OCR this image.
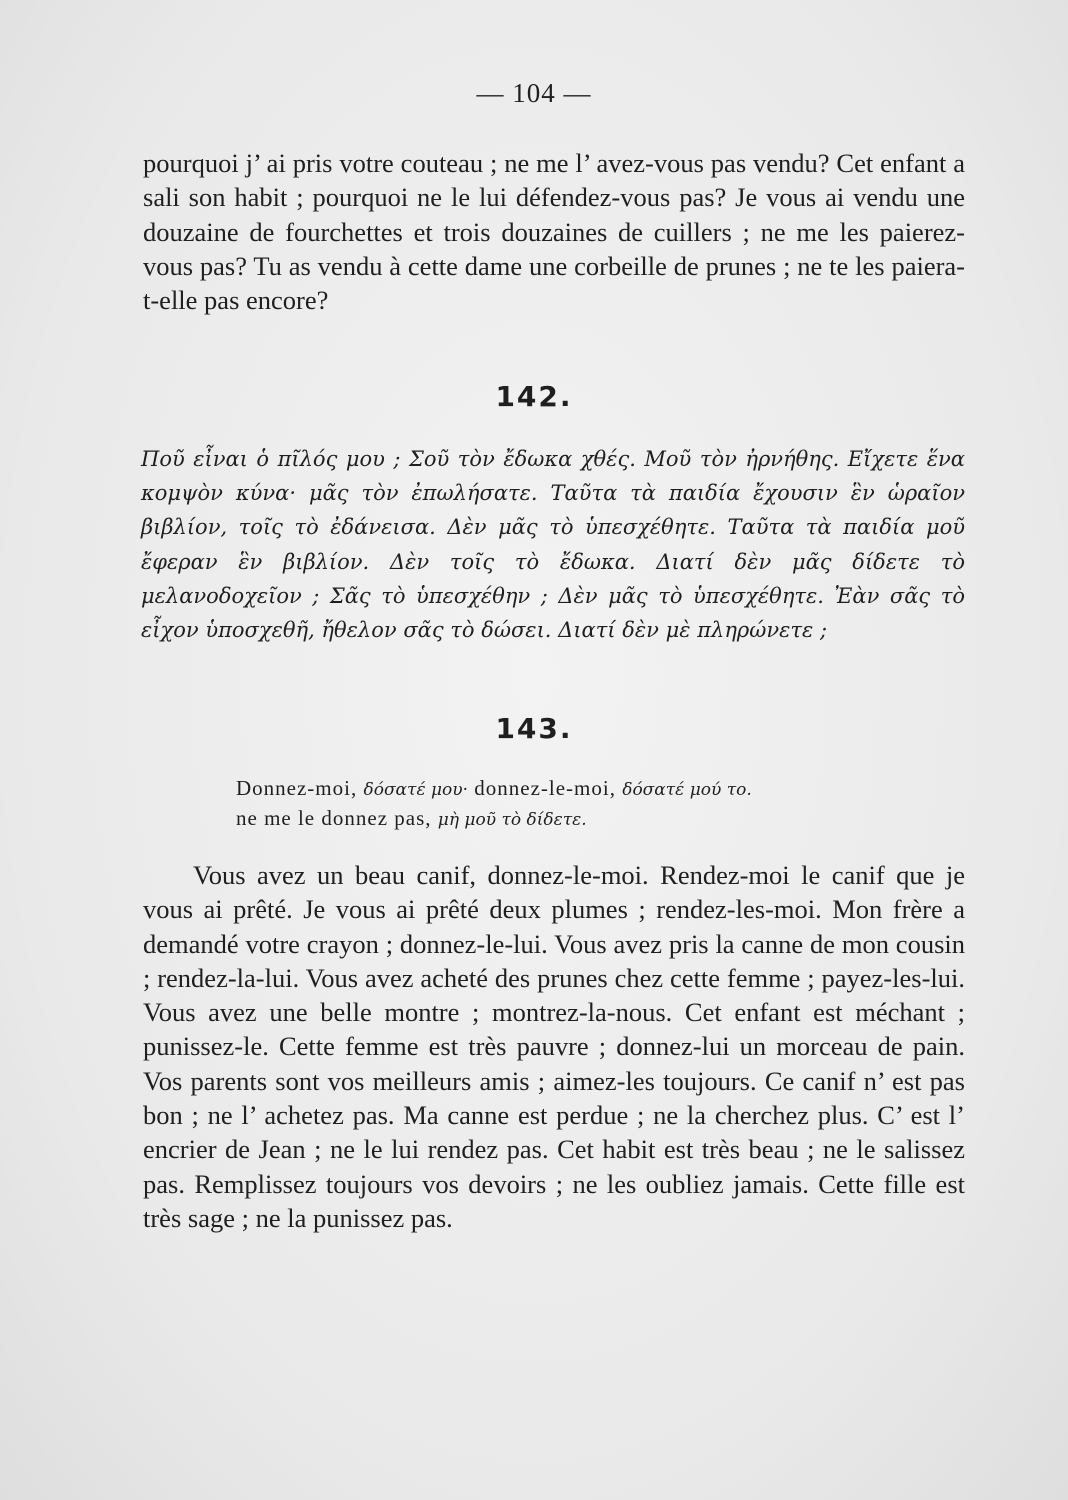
— 104 —

pourquoi j’ ai pris votre couteau ; ne me l’ avez-vous pas vendu? Cet enfant a sali son habit ; pourquoi ne le lui défendez-vous pas? Je vous ai vendu une douzaine de fourchettes et trois douzaines de cuillers ; ne me les paierez-vous pas? Tu as vendu à cette dame une corbeille de prunes ; ne te les paiera-t-elle pas encore?

142.

Ποῦ εἶναι ὁ πῖλός μου ; Σοῦ τὸν ἔδωκα χθές. Μοῦ τὸν ἠρνήθης. Εἴχετε ἕνα κομψὸν κύνα· μᾶς τὸν ἐπωλήσατε. Ταῦτα τὰ παιδία ἔχουσιν ἓν ὡραῖον βιβλίον, τοῖς τὸ ἐδάνεισα. Δὲν μᾶς τὸ ὑπεσχέθητε. Ταῦτα τὰ παιδία μοῦ ἔφεραν ἓν βιβλίον. Δὲν τοῖς τὸ ἔδωκα. Διατί δὲν μᾶς δίδετε τὸ μελανοδοχεῖον ; Σᾶς τὸ ὑπεσχέθην ; Δὲν μᾶς τὸ ὑπεσχέθητε. Ἐὰν σᾶς τὸ εἶχον ὑποσχεθῆ, ἤθελον σᾶς τὸ δώσει. Διατί δὲν μὲ πληρώνετε ;

143.
Donnez-moi, δόσατέ μου· donnez-le-moi, δόσατέ μού το.
ne me le donnez pas, μὴ μοῦ τὸ δίδετε.

Vous avez un beau canif, donnez-le-moi. Rendez-moi le canif que je vous ai prêté. Je vous ai prêté deux plumes ; rendez-les-moi. Mon frère a demandé votre crayon ; donnez-le-lui. Vous avez pris la canne de mon cousin ; rendez-la-lui. Vous avez acheté des prunes chez cette femme ; payez-les-lui. Vous avez une belle montre ; montrez-la-nous. Cet enfant est méchant ; punissez-le. Cette femme est très pauvre ; donnez-lui un morceau de pain. Vos parents sont vos meilleurs amis ; aimez-les toujours. Ce canif n’ est pas bon ; ne l’ achetez pas. Ma canne est perdue ; ne la cherchez plus. C’ est l’ encrier de Jean ; ne le lui rendez pas. Cet habit est très beau ; ne le salissez pas. Remplissez toujours vos devoirs ; ne les oubliez jamais. Cette fille est très sage ; ne la punissez pas.
